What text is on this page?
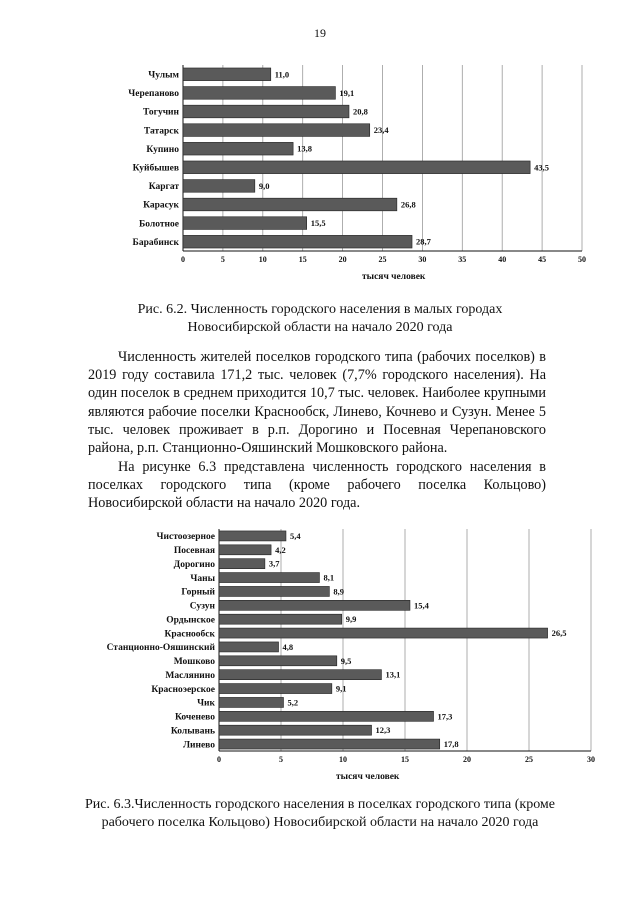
19
0	5	10	15	20	25	30	35	40	45	50
Чулым	11,0
Черепаново	19,1
Тогучин	20,8
Татарск	23,4
Купино	13,8
Куйбышев	43,5
Каргат	9,0
Карасук	26,8
Болотное	15,5
Барабинск	28,7
тысяч человек
Рис. 6.2. Численность городского населения в малых городах
Новосибирской области на начало 2020 года

Численность жителей поселков городского типа (рабочих поселков) в 2019 году составила 171,2 тыс. человек (7,7% городского населения). На один поселок в среднем приходится 10,7 тыс. человек. Наиболее крупными являются рабочие поселки Краснообск, Линево, Кочнево и Сузун. Менее 5 тыс. человек проживает в р.п. Дорогино и Посевная Черепановского района, р.п. Станционно-Ояшинский Мошковского района.

На рисунке 6.3 представлена численность городского населения в поселках городского типа (кроме рабочего поселка Кольцово) Новосибирской области на начало 2020 года.

0	5	10	15	20	25	30
Чистоозерное	5,4
Посевная	4,2
Дорогино	3,7
Чаны	8,1
Горный	8,9
Сузун	15,4
Ордынское	9,9
Краснообск	26,5
Станционно-Ояшинский	4,8
Мошково	9,5
Маслянино	13,1
Красноэерское	9,1
Чик	5,2
Коченево	17,3
Колывань	12,3
Линево	17,8
тысяч человек
Рис. 6.3.Численность городского населения в поселках городского типа (кроме
рабочего поселка Кольцово) Новосибирской области на начало 2020 года
